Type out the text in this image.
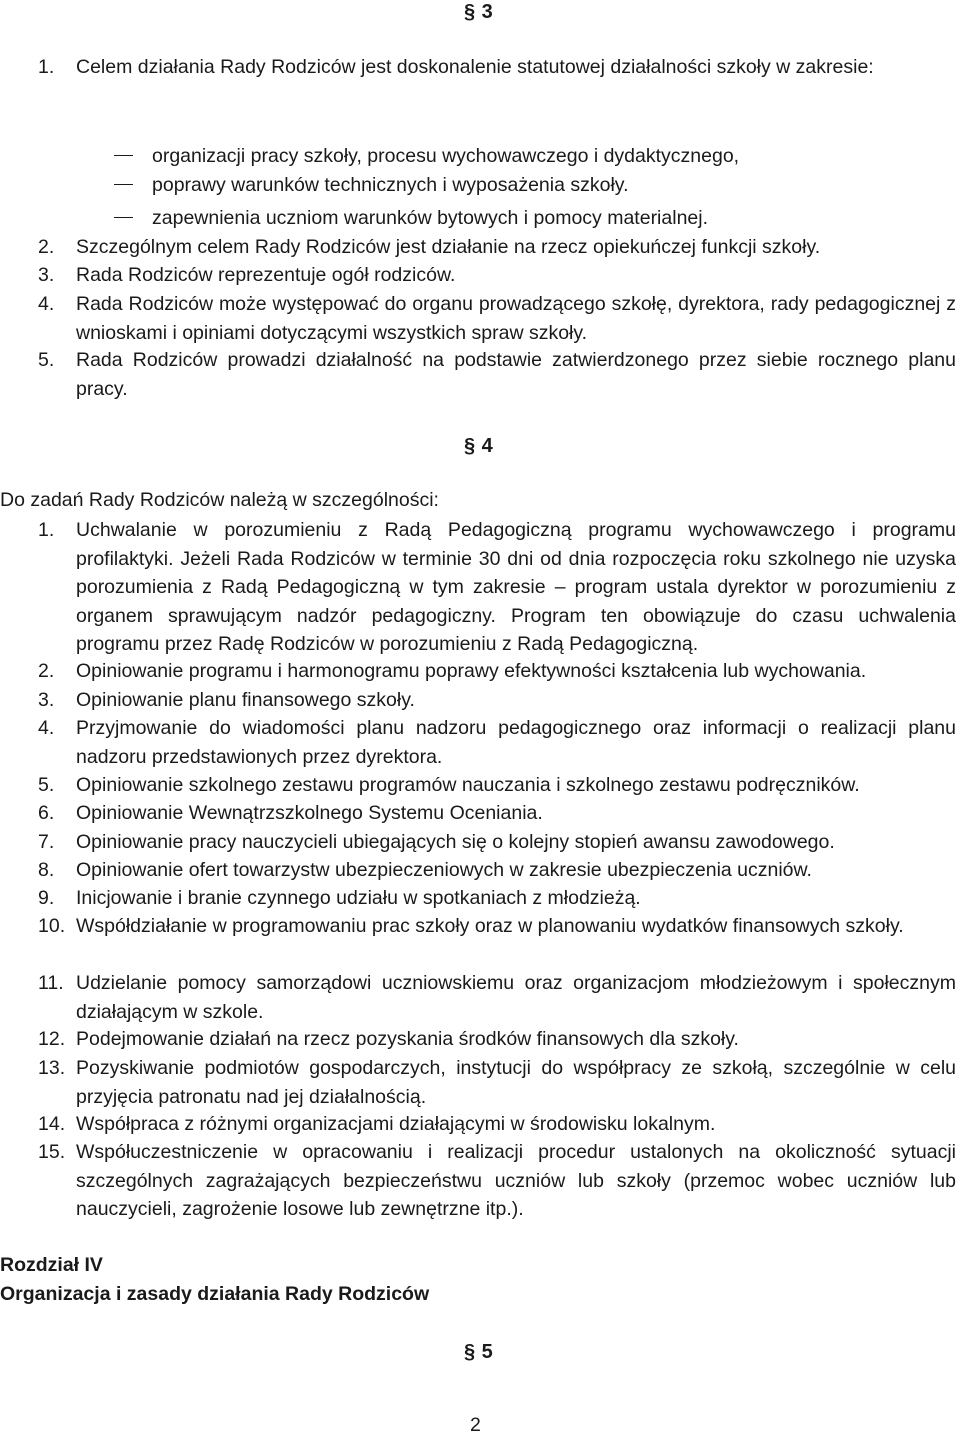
§ 3
1.	Celem działania Rady Rodziców jest doskonalenie statutowej działalności szkoły w zakresie:
organizacji pracy szkoły, procesu wychowawczego i dydaktycznego,
poprawy warunków technicznych i wyposażenia szkoły.
zapewnienia uczniom warunków bytowych i pomocy materialnej.
2.	Szczególnym celem Rady Rodziców jest działanie na rzecz opiekuńczej funkcji szkoły.
3.	Rada Rodziców reprezentuje ogół rodziców.
4.	Rada Rodziców może występować do organu prowadzącego szkołę, dyrektora, rady pedagogicznej z wnioskami i opiniami dotyczącymi wszystkich spraw szkoły.
5.	Rada Rodziców prowadzi działalność na podstawie zatwierdzonego przez siebie rocznego planu pracy.
§ 4
Do zadań Rady Rodziców należą w szczególności:
1.	Uchwalanie w porozumieniu z Radą Pedagogiczną programu wychowawczego i programu profilaktyki. Jeżeli Rada Rodziców w terminie 30 dni od dnia rozpoczęcia roku szkolnego nie uzyska porozumienia z Radą Pedagogiczną w tym zakresie – program ustala dyrektor w porozumieniu z organem sprawującym nadzór pedagogiczny. Program ten obowiązuje do czasu uchwalenia programu przez Radę Rodziców w porozumieniu z Radą Pedagogiczną.
2.	Opiniowanie programu i harmonogramu poprawy efektywności kształcenia lub wychowania.
3.	Opiniowanie planu finansowego szkoły.
4.	Przyjmowanie do wiadomości planu nadzoru pedagogicznego oraz informacji o realizacji planu nadzoru przedstawionych przez dyrektora.
5.	Opiniowanie szkolnego zestawu programów nauczania i szkolnego zestawu podręczników.
6.	Opiniowanie Wewnątrzszkolnego Systemu Oceniania.
7.	Opiniowanie pracy nauczycieli ubiegających się o kolejny stopień awansu zawodowego.
8.	Opiniowanie ofert towarzystw ubezpieczeniowych w zakresie ubezpieczenia uczniów.
9.	Inicjowanie i branie czynnego udziału w spotkaniach z młodzieżą.
10. Współdziałanie w programowaniu prac szkoły oraz w planowaniu wydatków finansowych szkoły.
11. Udzielanie pomocy samorządowi uczniowskiemu oraz organizacjom młodzieżowym i społecznym działającym w szkole.
12. Podejmowanie działań na rzecz pozyskania środków finansowych dla szkoły.
13. Pozyskiwanie podmiotów gospodarczych, instytucji do współpracy ze szkołą, szczególnie w celu przyjęcia patronatu nad jej działalnością.
14. Współpraca z różnymi organizacjami działającymi w środowisku lokalnym.
15. Współuczestniczenie w opracowaniu i realizacji procedur ustalonych na okoliczność sytuacji szczególnych zagrażających bezpieczeństwu uczniów lub szkoły (przemoc wobec uczniów lub nauczycieli, zagrożenie losowe lub zewnętrzne itp.).
Rozdział IV
Organizacja i zasady działania Rady Rodziców
§ 5
2
